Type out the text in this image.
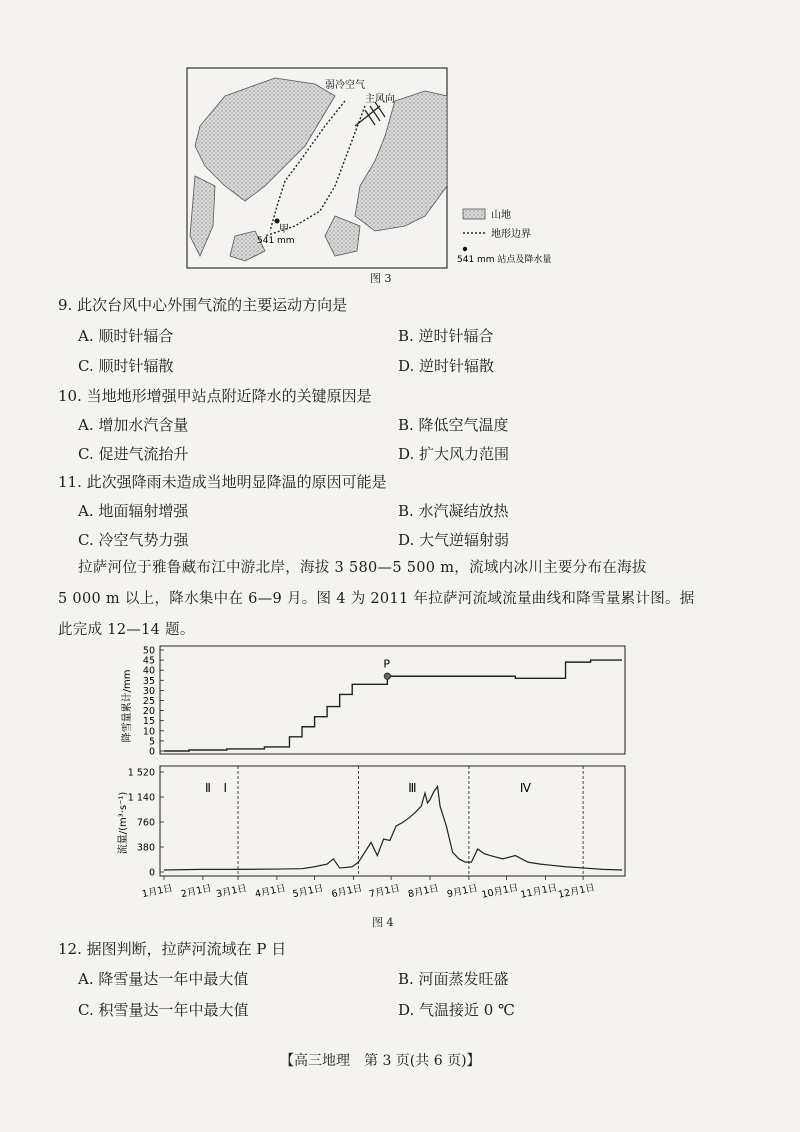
弱冷空气
主风向
甲
541 mm
山地
地形边界
541 mm 站点及降水量
图 3
9. 此次台风中心外围气流的主要运动方向是
A. 顺时针辐合	B. 逆时针辐合
C. 顺时针辐散	D. 逆时针辐散
10. 当地地形增强甲站点附近降水的关键原因是
A. 增加水汽含量	B. 降低空气温度
C. 促进气流抬升	D. 扩大风力范围
11. 此次强降雨未造成当地明显降温的原因可能是
A. 地面辐射增强	B. 水汽凝结放热
C. 冷空气势力强	D. 大气逆辐射弱
拉萨河位于雅鲁藏布江中游北岸，海拔 3 580—5 500 m，流域内冰川主要分布在海拔
5 000 m 以上，降水集中在 6—9 月。图 4 为 2011 年拉萨河流域流量曲线和降雪量累计图。据
此完成 12—14 题。
降雪量累计/mm
流量/(m³·s⁻¹)
0
5
10
15
20
25
30
35
40
45
50
0
380
760
1 140
1 520
1月1日 2月1日 3月1日 4月1日 5月1日 6月1日 7月1日 8月1日 9月1日 10月1日 11月1日 12月1日
Ⅰ
Ⅱ	Ⅲ	Ⅳ
P
图 4
12. 据图判断，拉萨河流域在 P 日
A. 降雪量达一年中最大值	B. 河面蒸发旺盛
C. 积雪量达一年中最大值	D. 气温接近 0 ℃
【高三地理　第 3 页(共 6 页)】
